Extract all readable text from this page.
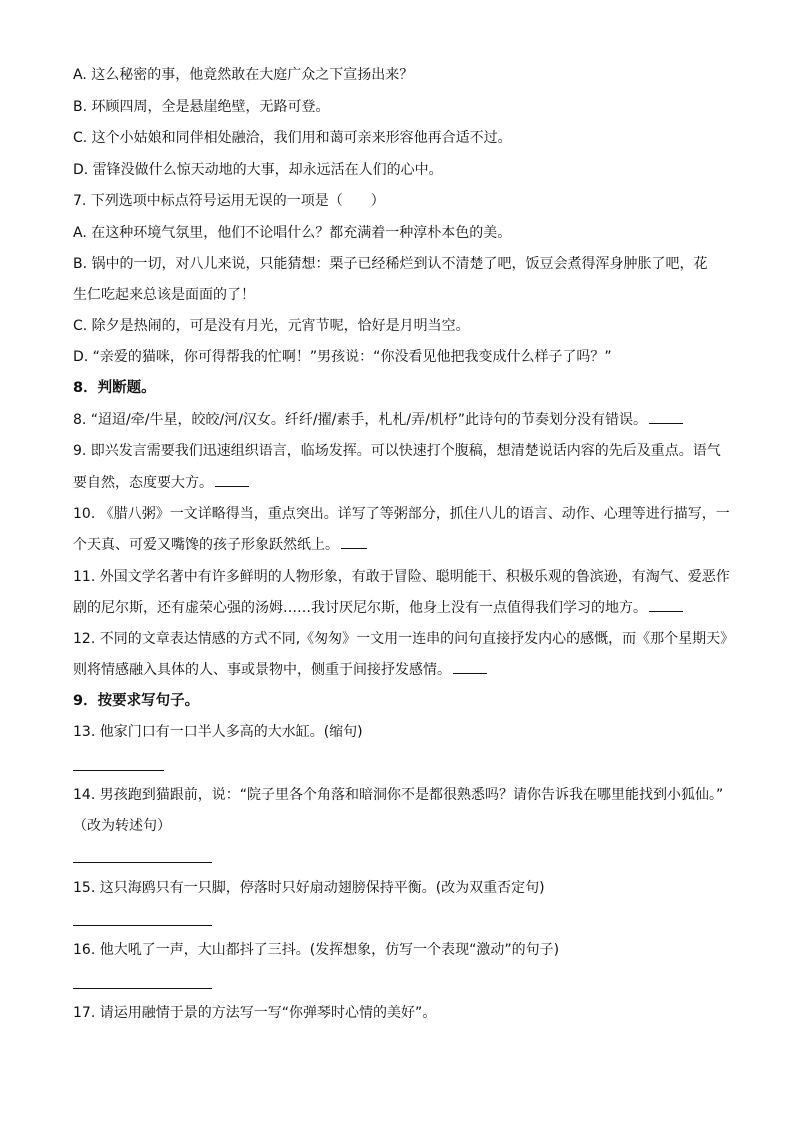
A. 这么秘密的事，他竟然敢在大庭广众之下宣扬出来？
B. 环顾四周，全是悬崖绝壁，无路可登。
C. 这个小姑娘和同伴相处融洽，我们用和蔼可亲来形容他再合适不过。
D. 雷锋没做什么惊天动地的大事，却永远活在人们的心中。
7. 下列选项中标点符号运用无误的一项是（　　）
A. 在这种环境气氛里，他们不论唱什么？都充满着一种淳朴本色的美。
B. 锅中的一切，对八儿来说，只能猜想：栗子已经稀烂到认不清楚了吧，饭豆会煮得浑身肿胀了吧，花
生仁吃起来总该是面面的了！
C. 除夕是热闹的，可是没有月光，元宵节呢，恰好是月明当空。
D. “亲爱的猫咪，你可得帮我的忙啊！”男孩说：“你没看见他把我变成什么样子了吗？”
8．判断题。
8. “迢迢/牵/牛星，皎皎/河/汉女。纤纤/擢/素手，札札/弄/机杼”此诗句的节奏划分没有错误。
9. 即兴发言需要我们迅速组织语言，临场发挥。可以快速打个腹稿，想清楚说话内容的先后及重点。语气
要自然，态度要大方。
10. 《腊八粥》一文详略得当，重点突出。详写了等粥部分，抓住八儿的语言、动作、心理等进行描写，一
个天真、可爱又嘴馋的孩子形象跃然纸上。
11. 外国文学名著中有许多鲜明的人物形象，有敢于冒险、聪明能干、积极乐观的鲁滨逊，有淘气、爱恶作
剧的尼尔斯，还有虚荣心强的汤姆……我讨厌尼尔斯，他身上没有一点值得我们学习的地方。
12. 不同的文章表达情感的方式不同,《匆匆》一文用一连串的问句直接抒发内心的感慨，而《那个星期天》
则将情感融入具体的人、事或景物中，侧重于间接抒发感情。
9．按要求写句子。
13. 他家门口有一口半人多高的大水缸。(缩句)
14. 男孩跑到猫跟前，说：“院子里各个角落和暗洞你不是都很熟悉吗？请你告诉我在哪里能找到小狐仙。”
（改为转述句）
15. 这只海鸥只有一只脚，停落时只好扇动翅膀保持平衡。(改为双重否定句)
16. 他大吼了一声，大山都抖了三抖。(发挥想象，仿写一个表现“激动”的句子)
17. 请运用融情于景的方法写一写“你弹琴时心情的美好”。
